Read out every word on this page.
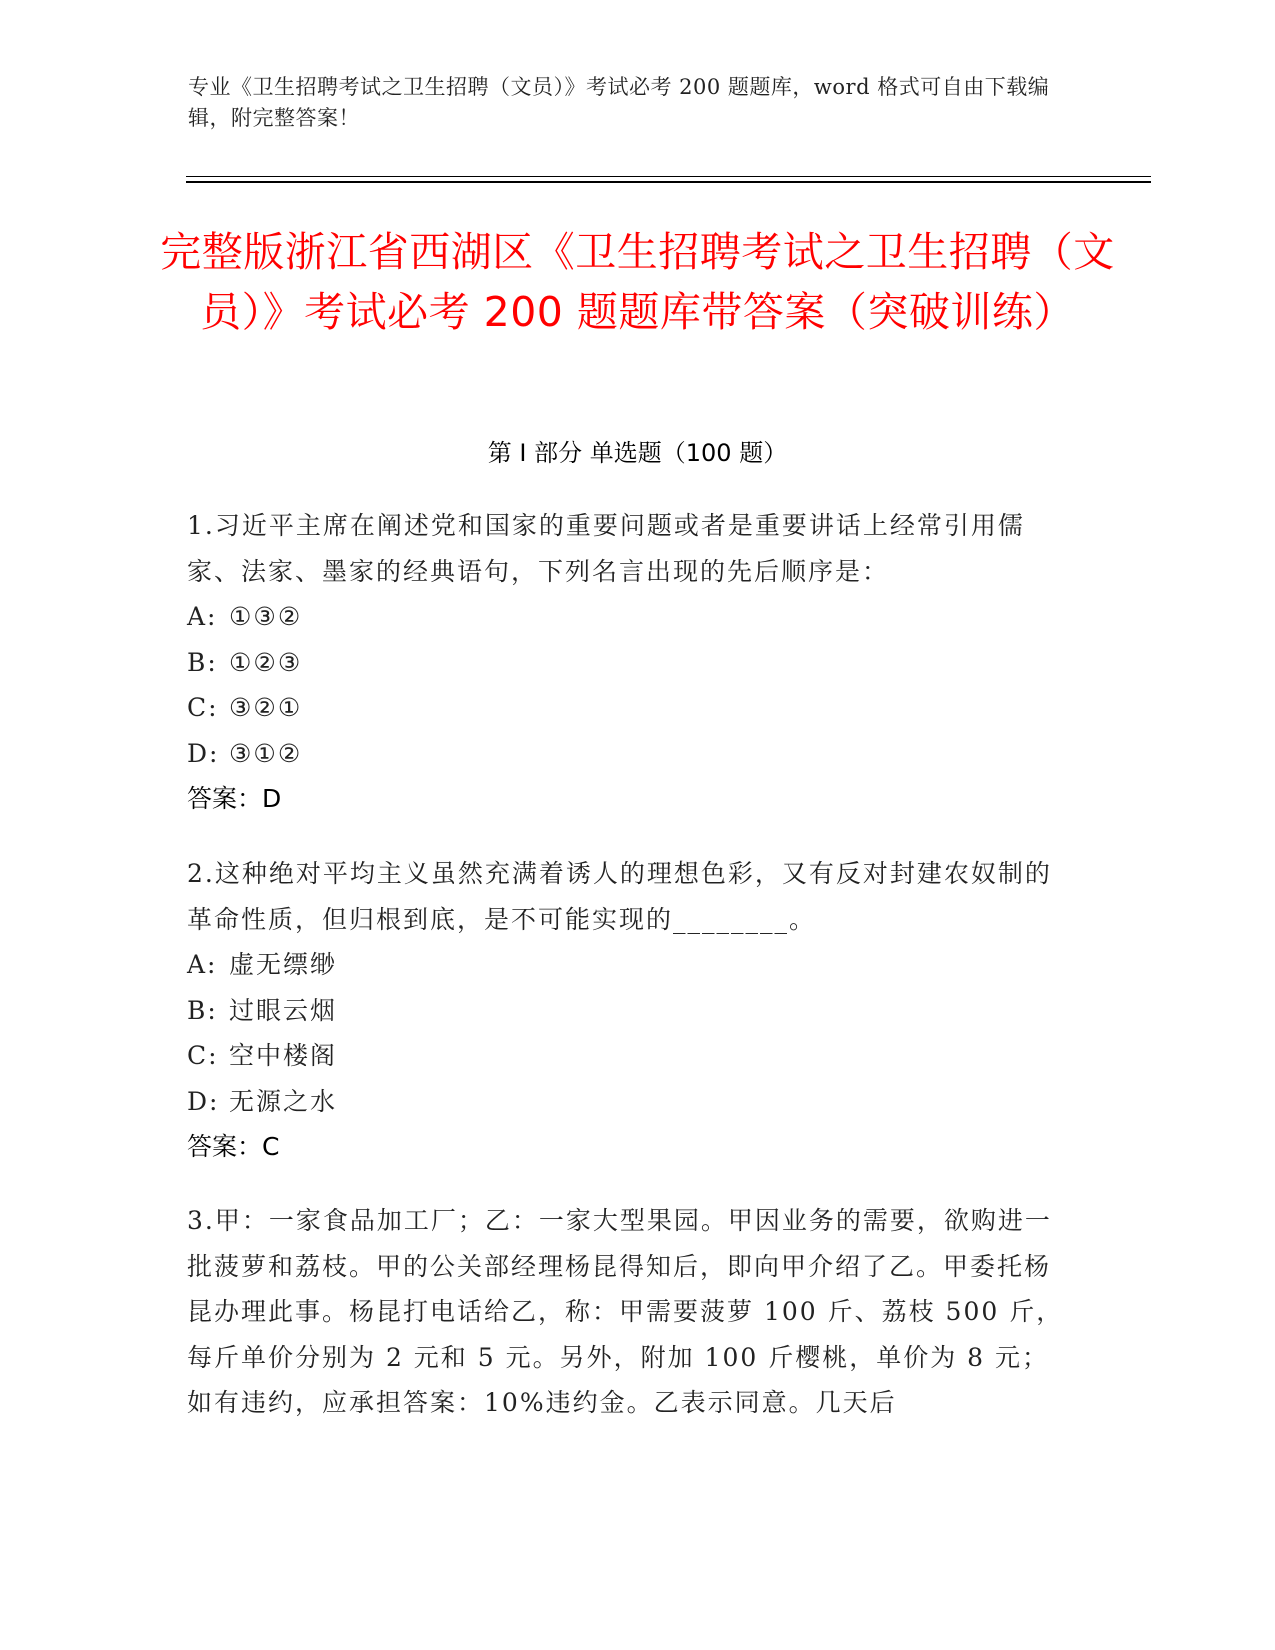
专业《卫生招聘考试之卫生招聘（文员）》考试必考 200 题题库，word 格式可自由下载编辑，附完整答案！
完整版浙江省西湖区《卫生招聘考试之卫生招聘（文员）》考试必考 200 题题库带答案（突破训练）
第 I 部分 单选题（100 题）

1.习近平主席在阐述党和国家的重要问题或者是重要讲话上经常引用儒家、法家、墨家的经典语句，下列名言出现的先后顺序是：

A: ①③②

B: ①②③

C: ③②①

D: ③①②

答案：D

2.这种绝对平均主义虽然充满着诱人的理想色彩，又有反对封建农奴制的革命性质，但归根到底，是不可能实现的________。

A: 虚无缥缈

B: 过眼云烟

C: 空中楼阁

D: 无源之水

答案：C

3.甲：一家食品加工厂；乙：一家大型果园。甲因业务的需要，欲购进一批菠萝和荔枝。甲的公关部经理杨昆得知后，即向甲介绍了乙。甲委托杨昆办理此事。杨昆打电话给乙，称：甲需要菠萝 100 斤、荔枝 500 斤，每斤单价分别为 2 元和 5 元。另外，附加 100 斤樱桃，单价为 8 元；如有违约，应承担答案：10%违约金。乙表示同意。几天后
